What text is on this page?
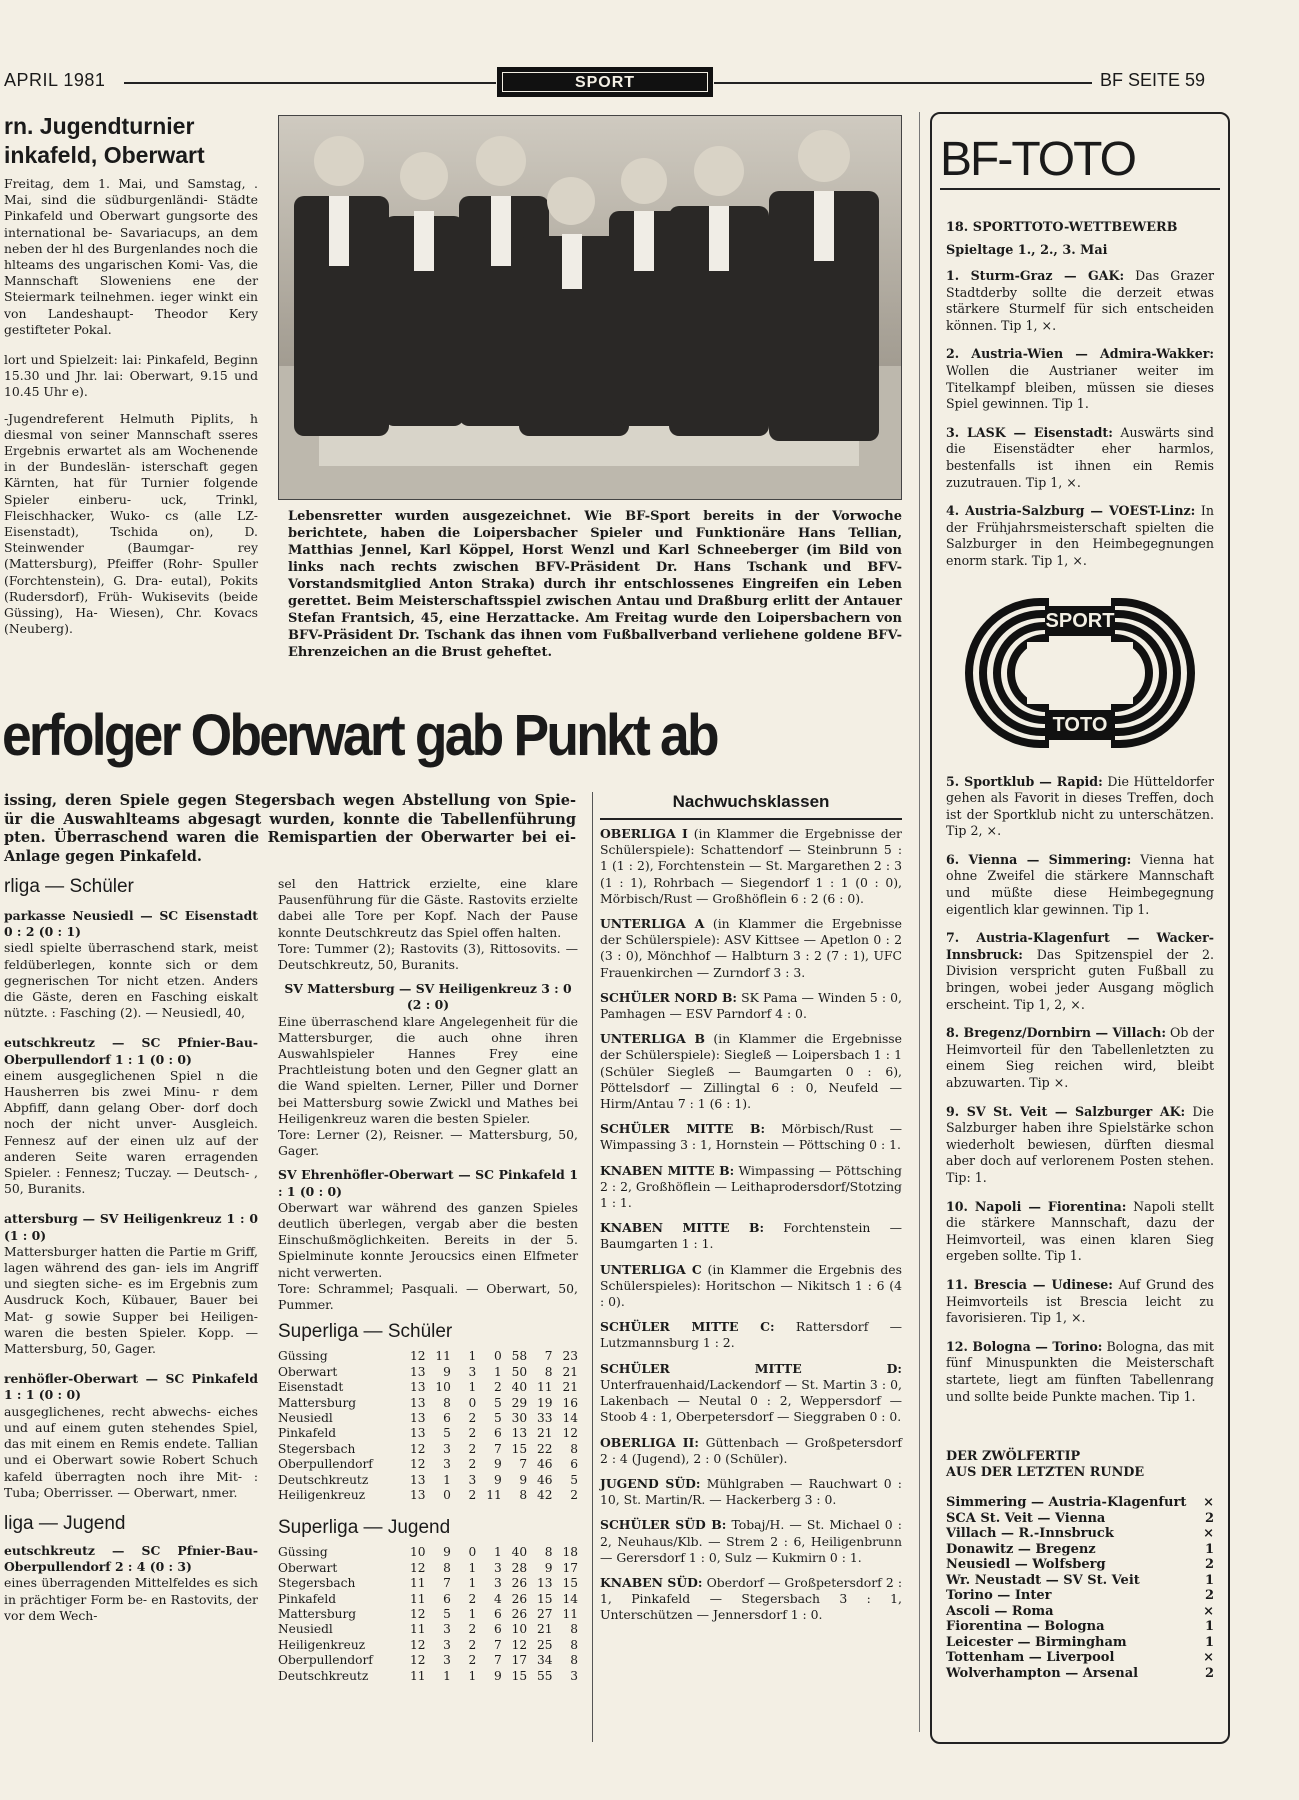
APRIL 1981	SPORT	BF SEITE 59
rn. Jugendturnier
inkafeld, Oberwart

Freitag, dem 1. Mai, und Samstag, . Mai, sind die südburgenländi- Städte Pinkafeld und Oberwart gungsorte des international be- Savariacups, an dem neben der hl des Burgenlandes noch die hlteams des ungarischen Komi- Vas, die Mannschaft Sloweniens ene der Steiermark teilnehmen. ieger winkt ein von Landeshaupt- Theodor Kery gestifteter Pokal.

lort und Spielzeit: lai: Pinkafeld, Beginn 15.30 und Jhr. lai: Oberwart, 9.15 und 10.45 Uhr e).

-Jugendreferent Helmuth Piplits, h diesmal von seiner Mannschaft sseres Ergebnis erwartet als am Wochenende in der Bundeslän- isterschaft gegen Kärnten, hat für Turnier folgende Spieler einberu- uck, Trinkl, Fleischhacker, Wuko- cs (alle LZ-Eisenstadt), Tschida on), D. Steinwender (Baumgar- rey (Mattersburg), Pfeiffer (Rohr- Spuller (Forchtenstein), G. Dra- eutal), Pokits (Rudersdorf), Früh- Wukisevits (beide Güssing), Ha- Wiesen), Chr. Kovacs (Neuberg).

Lebensretter wurden ausgezeichnet. Wie BF-Sport bereits in der Vorwoche berichtete, haben die Loipersbacher Spieler und Funktionäre Hans Tellian, Matthias Jennel, Karl Köppel, Horst Wenzl und Karl Schneeberger (im Bild von links nach rechts zwischen BFV-Präsident Dr. Hans Tschank und BFV-Vorstandsmitglied Anton Straka) durch ihr entschlossenes Eingreifen ein Leben gerettet. Beim Meisterschaftsspiel zwischen Antau und Draßburg erlitt der Antauer Stefan Frantsich, 45, eine Herzattacke. Am Freitag wurde den Loipersbachern von BFV-Präsident Dr. Tschank das ihnen vom Fußballverband verliehene goldene BFV-Ehrenzeichen an die Brust geheftet.
erfolger Oberwart gab Punkt ab
issing, deren Spiele gegen Stegersbach wegen Abstellung von Spie- ür die Auswahlteams abgesagt wurden, konnte die Tabellenführung pten. Überraschend waren die Remispartien der Oberwarter bei ei- Anlage gegen Pinkafeld.
rliga — Schüler
parkasse Neusiedl — SC Eisenstadt 0 : 2 (0 : 1)
siedl spielte überraschend stark, meist feldüberlegen, konnte sich or dem gegnerischen Tor nicht etzen. Anders die Gäste, deren en Fasching eiskalt nützte. : Fasching (2). — Neusiedl, 40,
eutschkreutz — SC Pfnier-Bau-Oberpullendorf 1 : 1 (0 : 0)
einem ausgeglichenen Spiel n die Hausherren bis zwei Minu- r dem Abpfiff, dann gelang Ober- dorf doch noch der nicht unver- Ausgleich. Fennesz auf der einen ulz auf der anderen Seite waren erragenden Spieler. : Fennesz; Tuczay. — Deutsch- , 50, Buranits.
attersburg — SV Heiligenkreuz 1 : 0 (1 : 0)
Mattersburger hatten die Partie m Griff, lagen während des gan- iels im Angriff und siegten siche- es im Ergebnis zum Ausdruck Koch, Kübauer, Bauer bei Mat- g sowie Supper bei Heiligen- waren die besten Spieler. Kopp. — Mattersburg, 50, Gager.
renhöfler-Oberwart — SC Pinkafeld 1 : 1 (0 : 0)
ausgeglichenes, recht abwechs- eiches und auf einem guten stehendes Spiel, das mit einem en Remis endete. Tallian und ei Oberwart sowie Robert Schuch kafeld überragten noch ihre Mit- : Tuba; Oberrisser. — Oberwart, nmer.
liga — Jugend
eutschkreutz — SC Pfnier-Bau-Oberpullendorf 2 : 4 (0 : 3)
eines überragenden Mittelfeldes es sich in prächtiger Form be- en Rastovits, der vor dem Wech-
sel den Hattrick erzielte, eine klare Pausenführung für die Gäste. Rastovits erzielte dabei alle Tore per Kopf. Nach der Pause konnte Deutschkreutz das Spiel offen halten.
Tore: Tummer (2); Rastovits (3), Rittosovits. — Deutschkreutz, 50, Buranits.
SV Mattersburg — SV Heiligenkreuz 3 : 0 (2 : 0)
Eine überraschend klare Angelegenheit für die Mattersburger, die auch ohne ihren Auswahlspieler Hannes Frey eine Prachtleistung boten und den Gegner glatt an die Wand spielten. Lerner, Piller und Dorner bei Mattersburg sowie Zwickl und Mathes bei Heiligenkreuz waren die besten Spieler.
Tore: Lerner (2), Reisner. — Mattersburg, 50, Gager.
SV Ehrenhöfler-Oberwart — SC Pinkafeld 1 : 1 (0 : 0)
Oberwart war während des ganzen Spieles deutlich überlegen, vergab aber die besten Einschußmöglichkeiten. Bereits in der 5. Spielminute konnte Jeroucsics einen Elfmeter nicht verwerten.
Tore: Schrammel; Pasquali. — Oberwart, 50, Pummer.
Superliga — Schüler
Güssing	12	11	1	0	58	7	23
Oberwart	13	9	3	1	50	8	21
Eisenstadt	13	10	1	2	40	11	21
Mattersburg	13	8	0	5	29	19	16
Neusiedl	13	6	2	5	30	33	14
Pinkafeld	13	5	2	6	13	21	12
Stegersbach	12	3	2	7	15	22	8
Oberpullendorf	12	3	2	9	7	46	6
Deutschkreutz	13	1	3	9	9	46	5
Heiligenkreuz	13	0	2	11	8	42	2
Superliga — Jugend
Güssing	10	9	0	1	40	8	18
Oberwart	12	8	1	3	28	9	17
Stegersbach	11	7	1	3	26	13	15
Pinkafeld	11	6	2	4	26	15	14
Mattersburg	12	5	1	6	26	27	11
Neusiedl	11	3	2	6	10	21	8
Heiligenkreuz	12	3	2	7	12	25	8
Oberpullendorf	12	3	2	7	17	34	8
Deutschkreutz	11	1	1	9	15	55	3
Nachwuchsklassen
OBERLIGA I (in Klammer die Ergebnisse der Schülerspiele): Schattendorf — Steinbrunn 5 : 1 (1 : 2), Forchtenstein — St. Margarethen 2 : 3 (1 : 1), Rohrbach — Siegendorf 1 : 1 (0 : 0), Mörbisch/Rust — Großhöflein 6 : 2 (6 : 0).
UNTERLIGA A (in Klammer die Ergebnisse der Schülerspiele): ASV Kittsee — Apetlon 0 : 2 (3 : 0), Mönchhof — Halbturn 3 : 2 (7 : 1), UFC Frauenkirchen — Zurndorf 3 : 3.
SCHÜLER NORD B: SK Pama — Winden 5 : 0, Pamhagen — ESV Parndorf 4 : 0.
UNTERLIGA B (in Klammer die Ergebnisse der Schülerspiele): Siegleß — Loipersbach 1 : 1 (Schüler Siegleß — Baumgarten 0 : 6), Pöttelsdorf — Zillingtal 6 : 0, Neufeld — Hirm/Antau 7 : 1 (6 : 1).
SCHÜLER MITTE B: Mörbisch/Rust — Wimpassing 3 : 1, Hornstein — Pöttsching 0 : 1.
KNABEN MITTE B: Wimpassing — Pöttsching 2 : 2, Großhöflein — Leithaprodersdorf/Stotzing 1 : 1.
KNABEN MITTE B: Forchtenstein — Baumgarten 1 : 1.
UNTERLIGA C (in Klammer die Ergebnis des Schülerspieles): Horitschon — Nikitsch 1 : 6 (4 : 0).
SCHÜLER MITTE C: Rattersdorf — Lutzmannsburg 1 : 2.
SCHÜLER MITTE D: Unterfrauenhaid/Lackendorf — St. Martin 3 : 0, Lakenbach — Neutal 0 : 2, Weppersdorf — Stoob 4 : 1, Oberpetersdorf — Sieggraben 0 : 0.
OBERLIGA II: Güttenbach — Großpetersdorf 2 : 4 (Jugend), 2 : 0 (Schüler).
JUGEND SÜD: Mühlgraben — Rauchwart 0 : 10, St. Martin/R. — Hackerberg 3 : 0.
SCHÜLER SÜD B: Tobaj/H. — St. Michael 0 : 2, Neuhaus/Klb. — Strem 2 : 6, Heiligenbrunn — Gerersdorf 1 : 0, Sulz — Kukmirn 0 : 1.
KNABEN SÜD: Oberdorf — Großpetersdorf 2 : 1, Pinkafeld — Stegersbach 3 : 1, Unterschützen — Jennersdorf 1 : 0.
BF-TOTO
18. SPORTTOTO-WETTBEWERB
Spieltage 1., 2., 3. Mai
1. Sturm-Graz — GAK: Das Grazer Stadtderby sollte die derzeit etwas stärkere Sturmelf für sich entscheiden können. Tip 1, ×.
2. Austria-Wien — Admira-Wakker: Wollen die Austrianer weiter im Titelkampf bleiben, müssen sie dieses Spiel gewinnen. Tip 1.
3. LASK — Eisenstadt: Auswärts sind die Eisenstädter eher harmlos, bestenfalls ist ihnen ein Remis zuzutrauen. Tip 1, ×.
4. Austria-Salzburg — VOEST-Linz: In der Frühjahrsmeisterschaft spielten die Salzburger in den Heimbegegnungen enorm stark. Tip 1, ×.
SPORT
TOTO
5. Sportklub — Rapid: Die Hütteldorfer gehen als Favorit in dieses Treffen, doch ist der Sportklub nicht zu unterschätzen. Tip 2, ×.
6. Vienna — Simmering: Vienna hat ohne Zweifel die stärkere Mannschaft und müßte diese Heimbegegnung eigentlich klar gewinnen. Tip 1.
7. Austria-Klagenfurt — Wacker-Innsbruck: Das Spitzenspiel der 2. Division verspricht guten Fußball zu bringen, wobei jeder Ausgang möglich erscheint. Tip 1, 2, ×.
8. Bregenz/Dornbirn — Villach: Ob der Heimvorteil für den Tabellenletzten zu einem Sieg reichen wird, bleibt abzuwarten. Tip ×.
9. SV St. Veit — Salzburger AK: Die Salzburger haben ihre Spielstärke schon wiederholt bewiesen, dürften diesmal aber doch auf verlorenem Posten stehen. Tip: 1.
10. Napoli — Fiorentina: Napoli stellt die stärkere Mannschaft, dazu der Heimvorteil, was einen klaren Sieg ergeben sollte. Tip 1.
11. Brescia — Udinese: Auf Grund des Heimvorteils ist Brescia leicht zu favorisieren. Tip 1, ×.
12. Bologna — Torino: Bologna, das mit fünf Minuspunkten die Meisterschaft startete, liegt am fünften Tabellenrang und sollte beide Punkte machen. Tip 1.
DER ZWÖLFERTIP
AUS DER LETZTEN RUNDE
Simmering — Austria-Klagenfurt ×
SCA St. Veit — Vienna	2
Villach — R.-Innsbruck	×
Donawitz — Bregenz	1
Neusiedl — Wolfsberg	2
Wr. Neustadt — SV St. Veit	1
Torino — Inter	2
Ascoli — Roma	×
Fiorentina — Bologna	1
Leicester — Birmingham	1
Tottenham — Liverpool	×
Wolverhampton — Arsenal	2
